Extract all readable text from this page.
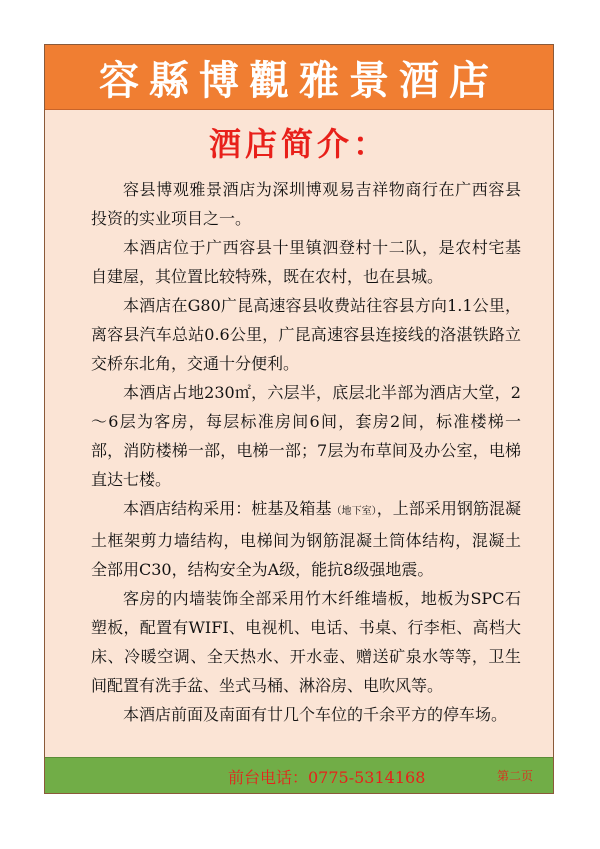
容縣博觀雅景酒店
酒店简介：

容县博观雅景酒店为深圳博观易吉祥物商行在广西容县投资的实业项目之一。

本酒店位于广西容县十里镇泗登村十二队，是农村宅基自建屋，其位置比较特殊，既在农村，也在县城。

本酒店在G80广昆高速容县收费站往容县方向1.1公里，离容县汽车总站0.6公里，广昆高速容县连接线的洛湛铁路立交桥东北角，交通十分便利。

本酒店占地230㎡，六层半，底层北半部为酒店大堂，2～6层为客房，每层标准房间6间，套房2间，标准楼梯一部，消防楼梯一部，电梯一部；7层为布草间及办公室，电梯直达七楼。

本酒店结构采用：桩基及箱基（地下室），上部采用钢筋混凝土框架剪力墙结构，电梯间为钢筋混凝土筒体结构，混凝土全部用C30，结构安全为A级，能抗8级强地震。

客房的内墙装饰全部采用竹木纤维墙板，地板为SPC石塑板，配置有WIFI、电视机、电话、书桌、行李柜、高档大床、冷暖空调、全天热水、开水壶、赠送矿泉水等等，卫生间配置有洗手盆、坐式马桶、淋浴房、电吹风等。

本酒店前面及南面有廿几个车位的千余平方的停车场。

前台电话：0775-5314168	第二页
